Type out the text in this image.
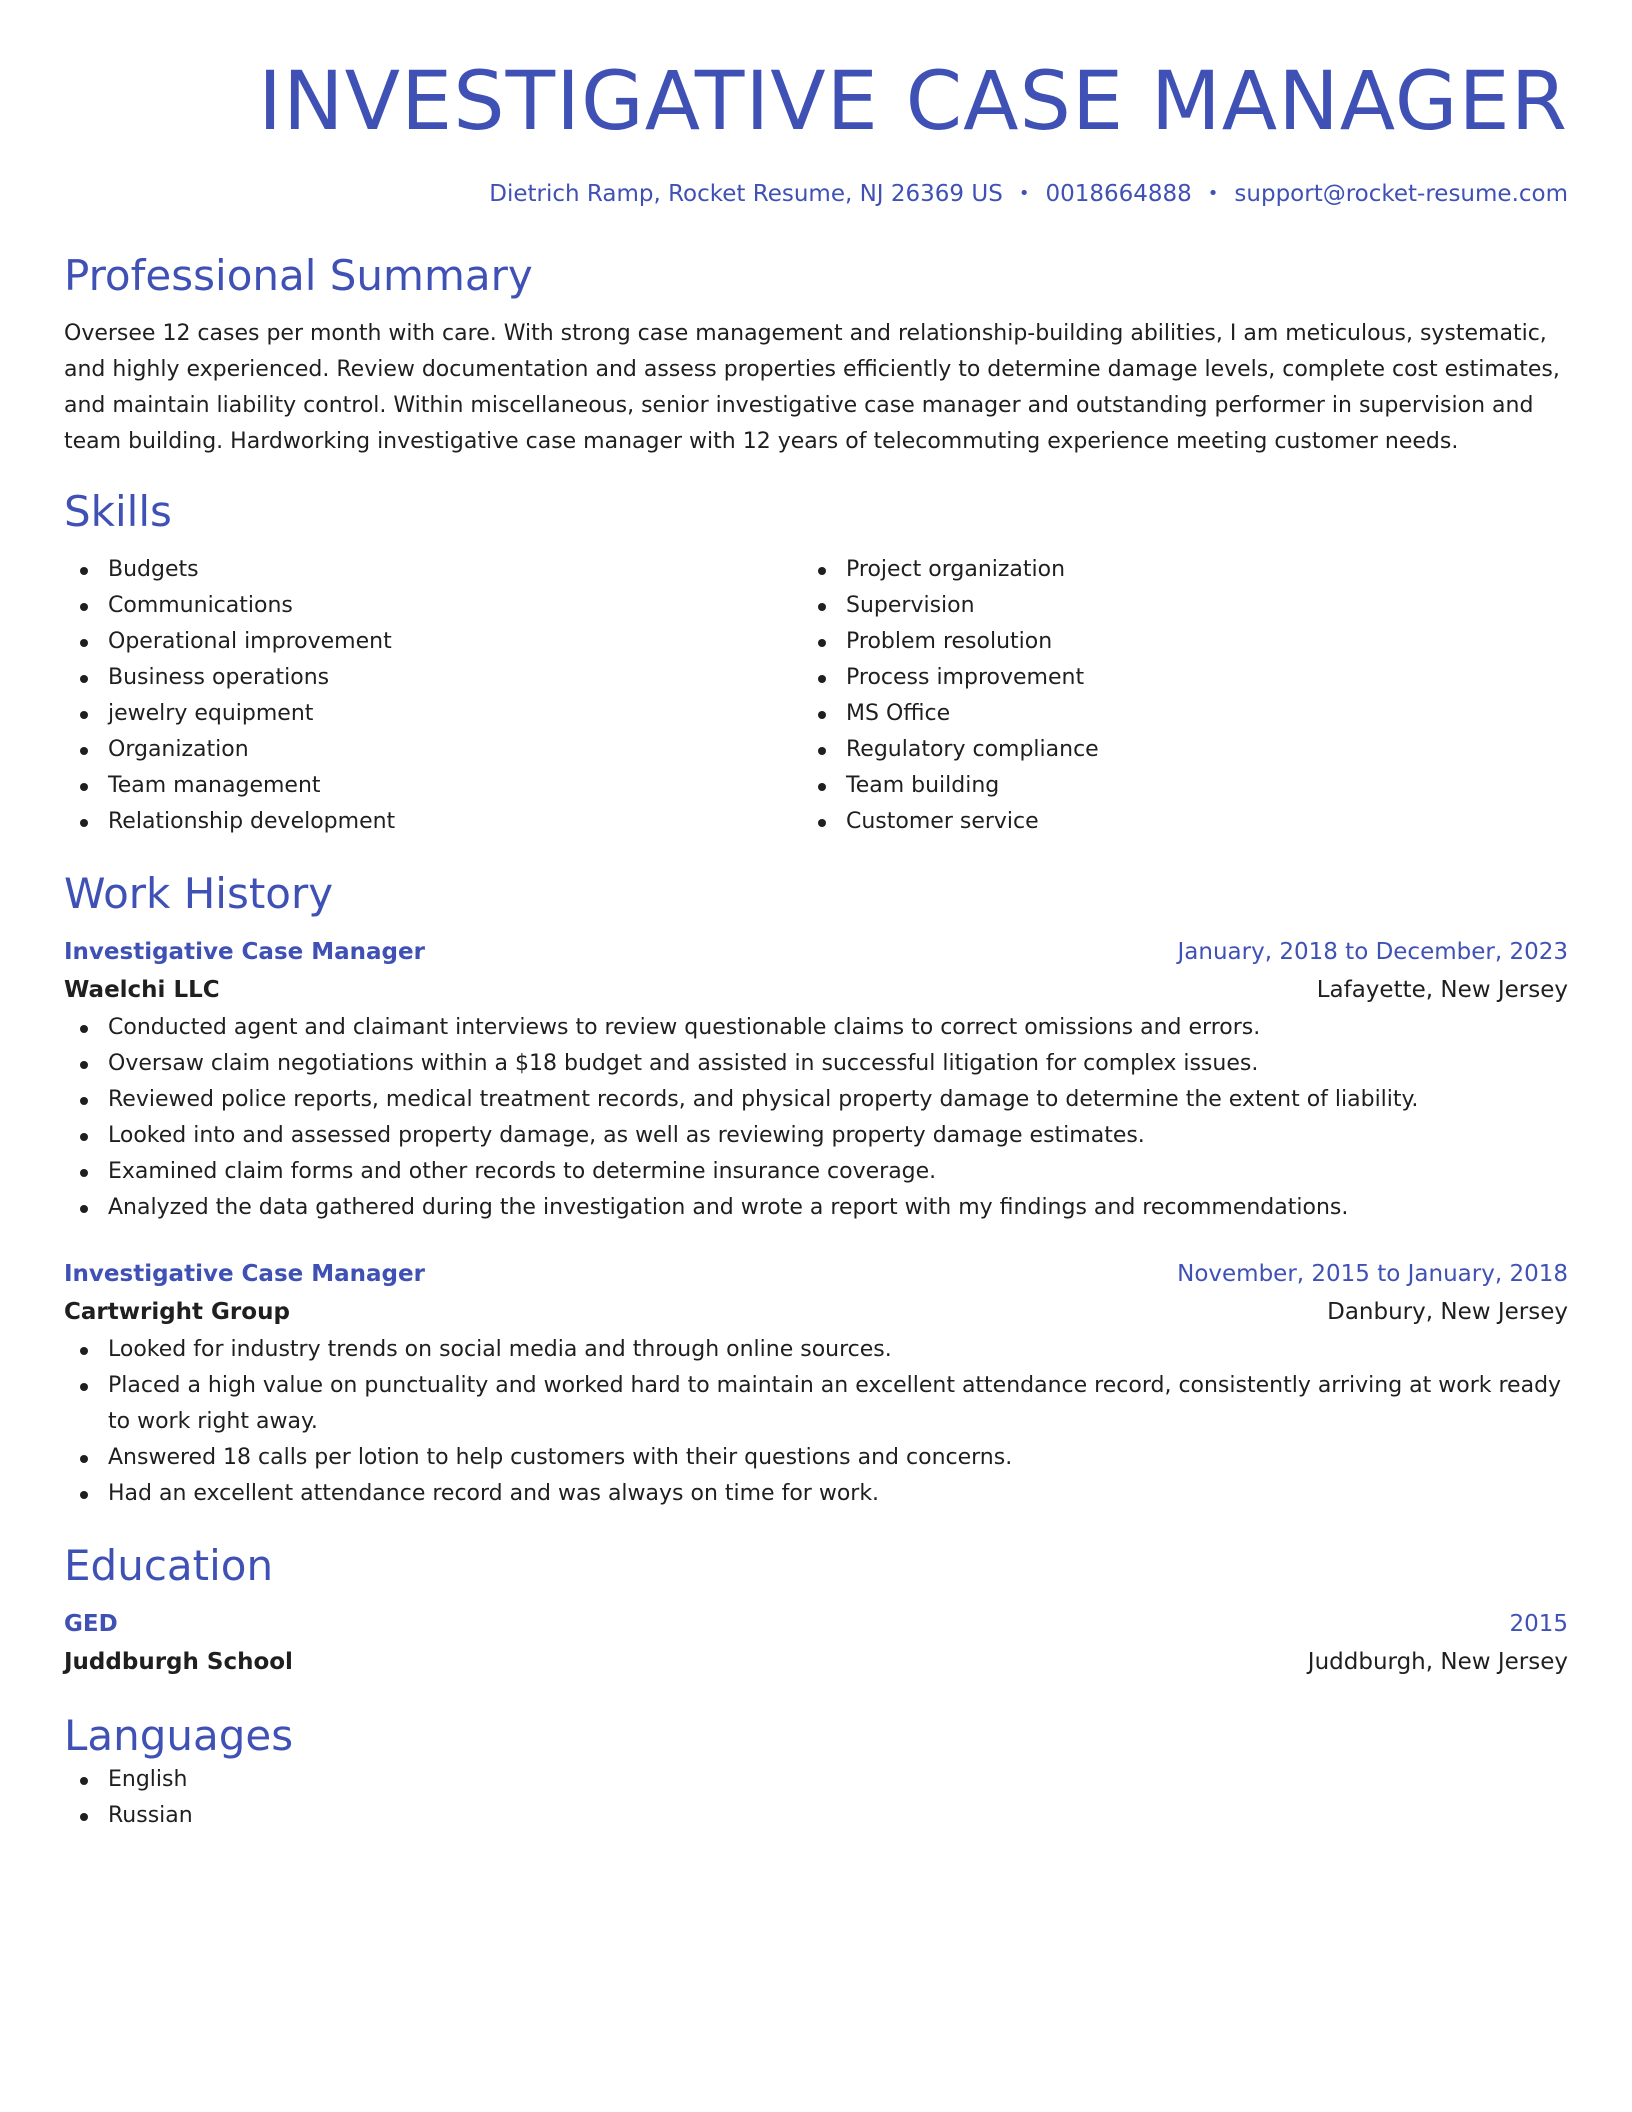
INVESTIGATIVE CASE MANAGER
Dietrich Ramp, Rocket Resume, NJ 26369 US • 0018664888 • support@rocket-resume.com
Professional Summary
Oversee 12 cases per month with care. With strong case management and relationship-building abilities, I am meticulous, systematic, and highly experienced. Review documentation and assess properties efficiently to determine damage levels, complete cost estimates, and maintain liability control. Within miscellaneous, senior investigative case manager and outstanding performer in supervision and team building. Hardworking investigative case manager with 12 years of telecommuting experience meeting customer needs.
Skills
Budgets
Communications
Operational improvement
Business operations
jewelry equipment
Organization
Team management
Relationship development
Project organization
Supervision
Problem resolution
Process improvement
MS Office
Regulatory compliance
Team building
Customer service
Work History
Investigative Case Manager	January, 2018 to December, 2023
Waelchi LLC	Lafayette, New Jersey
Conducted agent and claimant interviews to review questionable claims to correct omissions and errors.
Oversaw claim negotiations within a $18 budget and assisted in successful litigation for complex issues.
Reviewed police reports, medical treatment records, and physical property damage to determine the extent of liability.
Looked into and assessed property damage, as well as reviewing property damage estimates.
Examined claim forms and other records to determine insurance coverage.
Analyzed the data gathered during the investigation and wrote a report with my findings and recommendations.
Investigative Case Manager	November, 2015 to January, 2018
Cartwright Group	Danbury, New Jersey
Looked for industry trends on social media and through online sources.
Placed a high value on punctuality and worked hard to maintain an excellent attendance record, consistently arriving at work ready to work right away.
Answered 18 calls per lotion to help customers with their questions and concerns.
Had an excellent attendance record and was always on time for work.
Education
GED	2015
Juddburgh School	Juddburgh, New Jersey
Languages
English
Russian
